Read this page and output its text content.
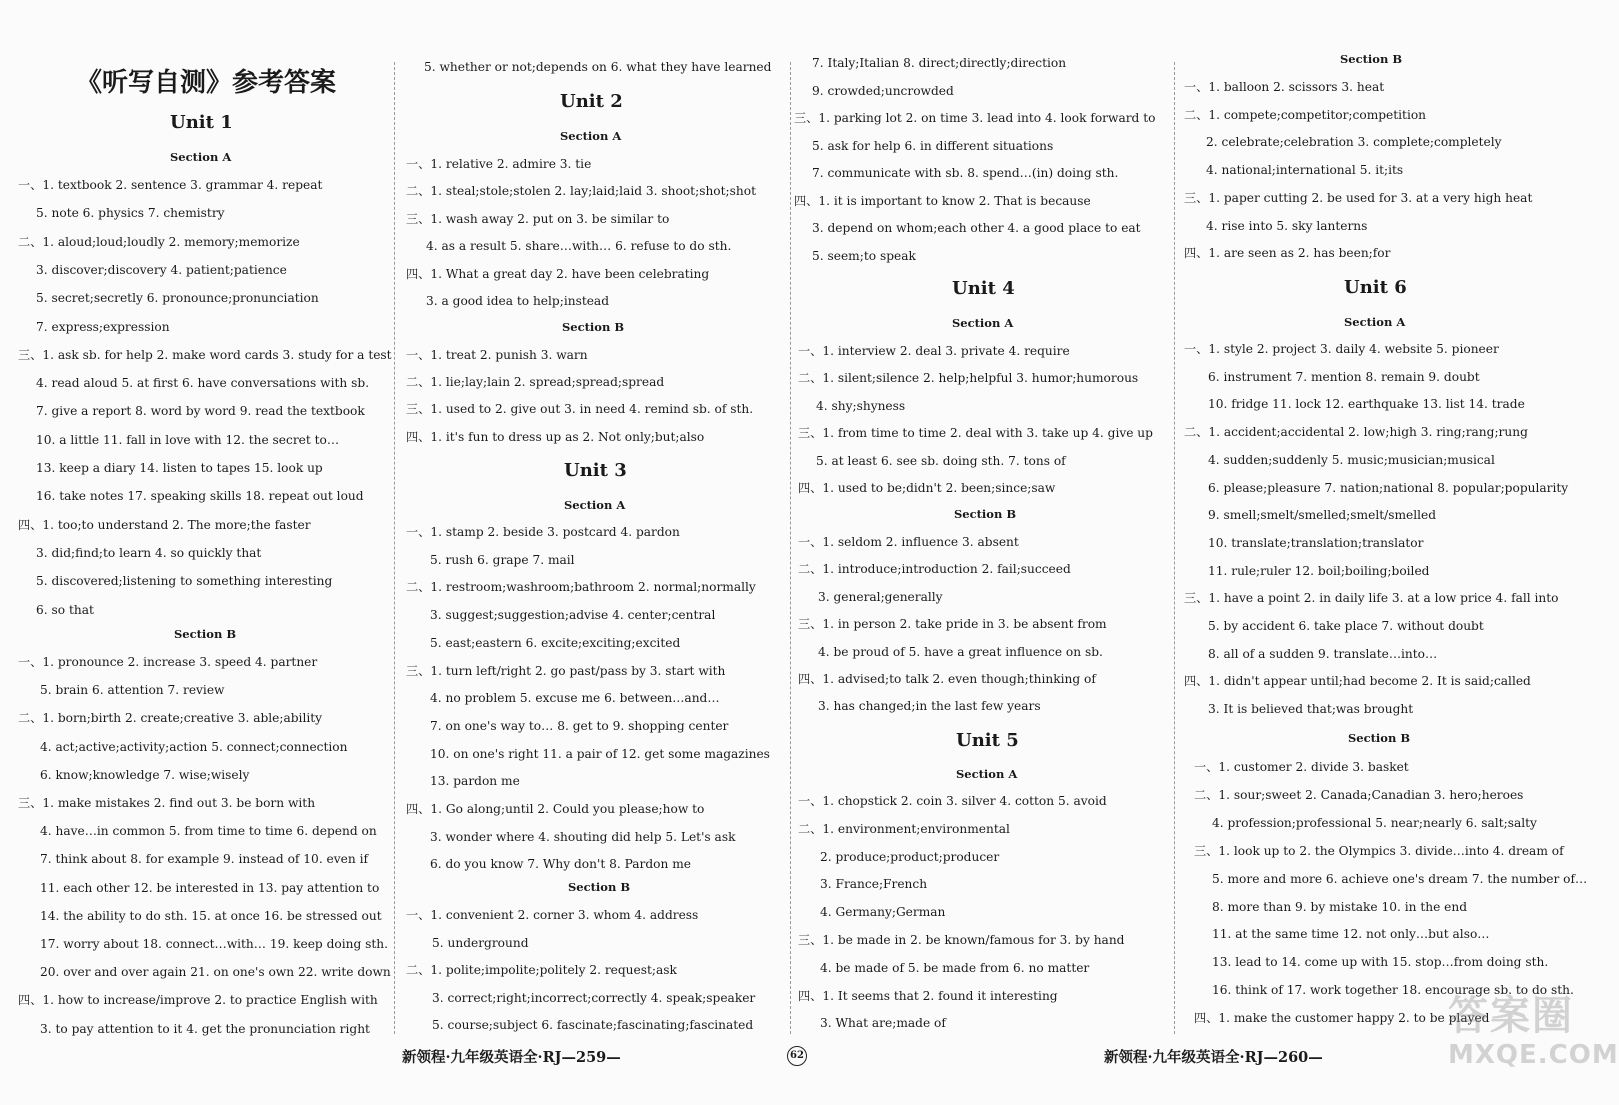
《听写自测》参考答案
Unit 1
Section A
Section B
一、1. textbook 2. sentence 3. grammar 4. repeat
5. note 6. physics 7. chemistry
二、1. aloud;loud;loudly 2. memory;memorize
3. discover;discovery 4. patient;patience
5. secret;secretly 6. pronounce;pronunciation
7. express;expression
三、1. ask sb. for help 2. make word cards 3. study for a test
4. read aloud 5. at first 6. have conversations with sb.
7. give a report 8. word by word 9. read the textbook
10. a little 11. fall in love with 12. the secret to…
13. keep a diary 14. listen to tapes 15. look up
16. take notes 17. speaking skills 18. repeat out loud
四、1. too;to understand 2. The more;the faster
3. did;find;to learn 4. so quickly that
5. discovered;listening to something interesting
6. so that
一、1. pronounce 2. increase 3. speed 4. partner
5. brain 6. attention 7. review
二、1. born;birth 2. create;creative 3. able;ability
4. act;active;activity;action 5. connect;connection
6. know;knowledge 7. wise;wisely
三、1. make mistakes 2. find out 3. be born with
4. have…in common 5. from time to time 6. depend on
7. think about 8. for example 9. instead of 10. even if
11. each other 12. be interested in 13. pay attention to
14. the ability to do sth. 15. at once 16. be stressed out
17. worry about 18. connect…with… 19. keep doing sth.
20. over and over again 21. on one's own 22. write down
四、1. how to increase/improve 2. to practice English with
3. to pay attention to it 4. get the pronunciation right
5. whether or not;depends on 6. what they have learned
Unit 2
Section A
Section B
Unit 3
Section A
Section B
一、1. relative 2. admire 3. tie
二、1. steal;stole;stolen 2. lay;laid;laid 3. shoot;shot;shot
三、1. wash away 2. put on 3. be similar to
4. as a result 5. share…with… 6. refuse to do sth.
四、1. What a great day 2. have been celebrating
3. a good idea to help;instead
一、1. treat 2. punish 3. warn
二、1. lie;lay;lain 2. spread;spread;spread
三、1. used to 2. give out 3. in need 4. remind sb. of sth.
四、1. it's fun to dress up as 2. Not only;but;also
一、1. stamp 2. beside 3. postcard 4. pardon
5. rush 6. grape 7. mail
二、1. restroom;washroom;bathroom 2. normal;normally
3. suggest;suggestion;advise 4. center;central
5. east;eastern 6. excite;exciting;excited
三、1. turn left/right 2. go past/pass by 3. start with
4. no problem 5. excuse me 6. between…and…
7. on one's way to… 8. get to 9. shopping center
10. on one's right 11. a pair of 12. get some magazines
13. pardon me
四、1. Go along;until 2. Could you please;how to
3. wonder where 4. shouting did help 5. Let's ask
6. do you know 7. Why don't 8. Pardon me
一、1. convenient 2. corner 3. whom 4. address
5. underground
二、1. polite;impolite;politely 2. request;ask
3. correct;right;incorrect;correctly 4. speak;speaker
5. course;subject 6. fascinate;fascinating;fascinated
Unit 4
Section A
Section B
Unit 5
Section A
7. Italy;Italian 8. direct;directly;direction
9. crowded;uncrowded
三、1. parking lot 2. on time 3. lead into 4. look forward to
5. ask for help 6. in different situations
7. communicate with sb. 8. spend…(in) doing sth.
四、1. it is important to know 2. That is because
3. depend on whom;each other 4. a good place to eat
5. seem;to speak
一、1. interview 2. deal 3. private 4. require
二、1. silent;silence 2. help;helpful 3. humor;humorous
4. shy;shyness
三、1. from time to time 2. deal with 3. take up 4. give up
5. at least 6. see sb. doing sth. 7. tons of
四、1. used to be;didn't 2. been;since;saw
一、1. seldom 2. influence 3. absent
二、1. introduce;introduction 2. fail;succeed
3. general;generally
三、1. in person 2. take pride in 3. be absent from
4. be proud of 5. have a great influence on sb.
四、1. advised;to talk 2. even though;thinking of
3. has changed;in the last few years
一、1. chopstick 2. coin 3. silver 4. cotton 5. avoid
二、1. environment;environmental
2. produce;product;producer
3. France;French
4. Germany;German
三、1. be made in 2. be known/famous for 3. by hand
4. be made of 5. be made from 6. no matter
四、1. It seems that 2. found it interesting
3. What are;made of
Section B
Unit 6
Section A
Section B
一、1. balloon 2. scissors 3. heat
二、1. compete;competitor;competition
2. celebrate;celebration 3. complete;completely
4. national;international 5. it;its
三、1. paper cutting 2. be used for 3. at a very high heat
4. rise into 5. sky lanterns
四、1. are seen as 2. has been;for
一、1. style 2. project 3. daily 4. website 5. pioneer
6. instrument 7. mention 8. remain 9. doubt
10. fridge 11. lock 12. earthquake 13. list 14. trade
二、1. accident;accidental 2. low;high 3. ring;rang;rung
4. sudden;suddenly 5. music;musician;musical
6. please;pleasure 7. nation;national 8. popular;popularity
9. smell;smelt/smelled;smelt/smelled
10. translate;translation;translator
11. rule;ruler 12. boil;boiling;boiled
三、1. have a point 2. in daily life 3. at a low price 4. fall into
5. by accident 6. take place 7. without doubt
8. all of a sudden 9. translate…into…
四、1. didn't appear until;had become 2. It is said;called
3. It is believed that;was brought
一、1. customer 2. divide 3. basket
二、1. sour;sweet 2. Canada;Canadian 3. hero;heroes
4. profession;professional 5. near;nearly 6. salt;salty
三、1. look up to 2. the Olympics 3. divide…into 4. dream of
5. more and more 6. achieve one's dream 7. the number of…
8. more than 9. by mistake 10. in the end
11. at the same time 12. not only…but also…
13. lead to 14. come up with 15. stop…from doing sth.
16. think of 17. work together 18. encourage sb. to do sth.
四、1. make the customer happy 2. to be played
新领程·九年级英语全·RJ—260—
新领程·九年级英语全·RJ—259—	62
答案圈
MXQE.COM
